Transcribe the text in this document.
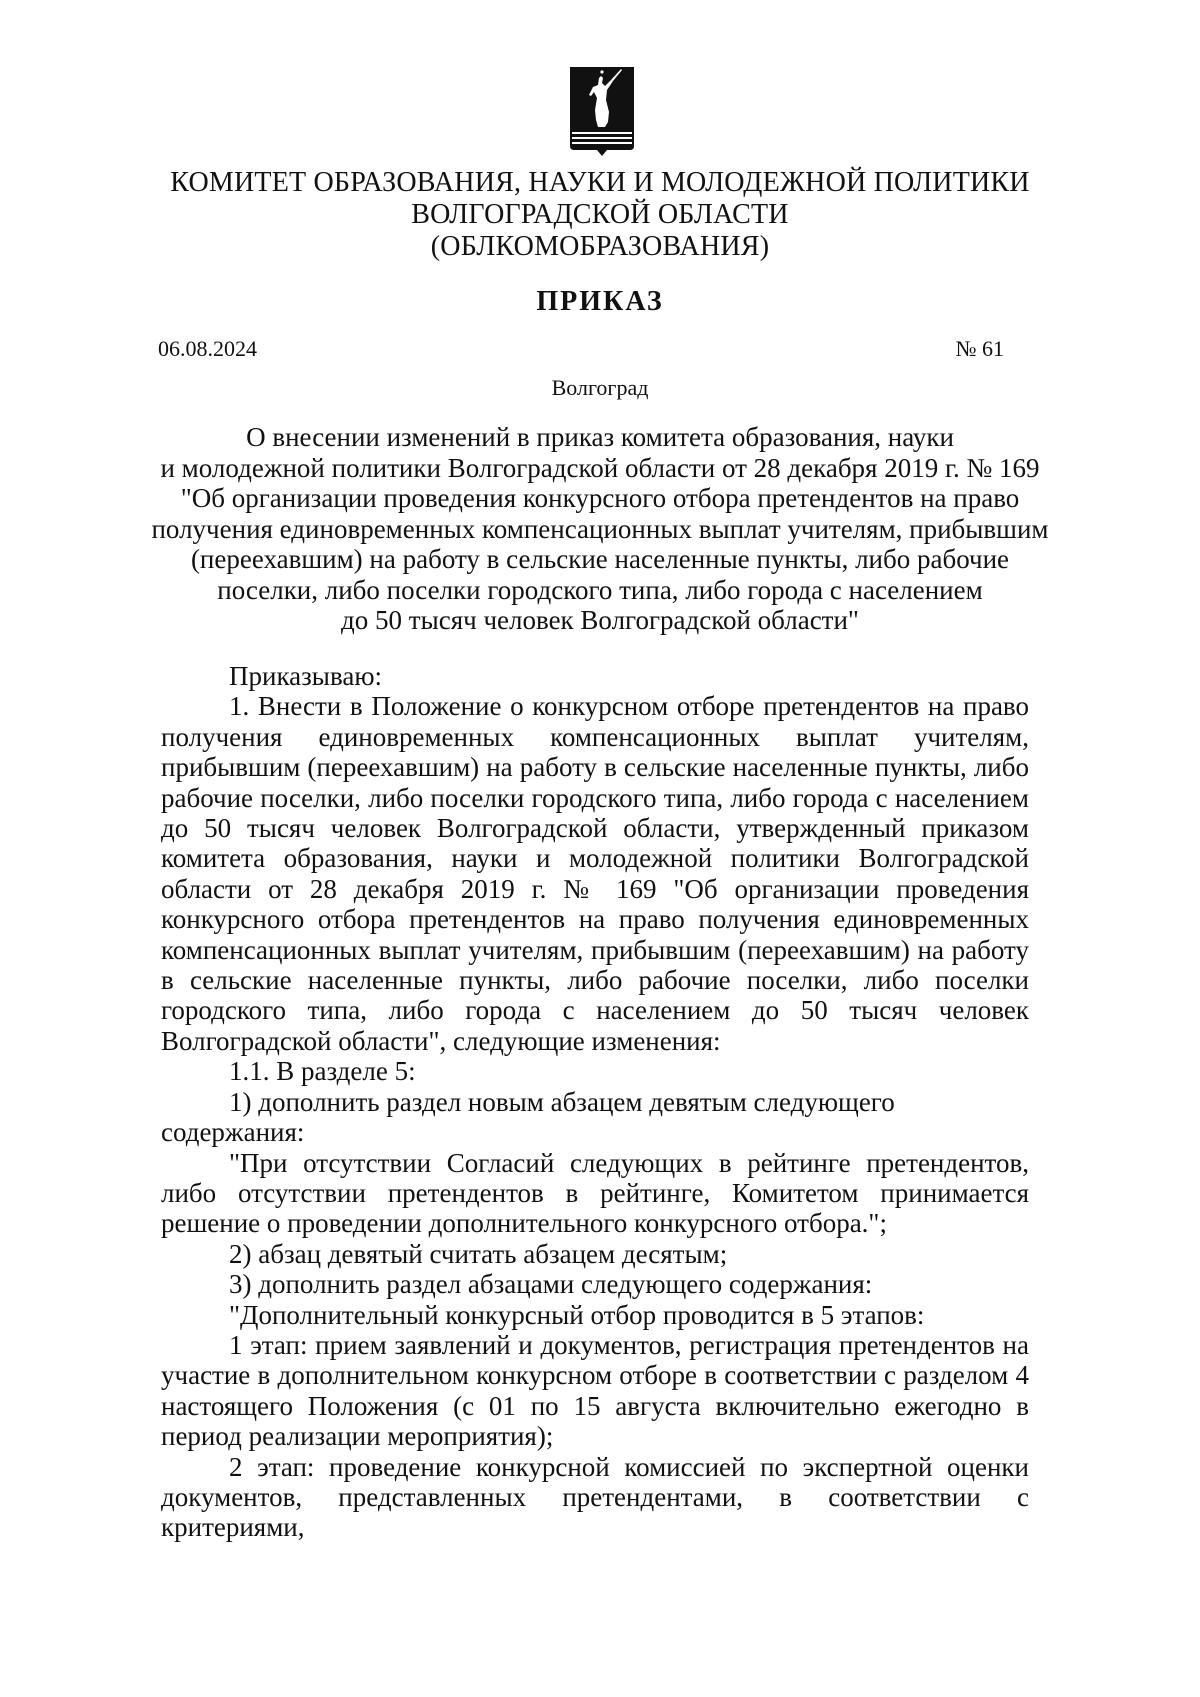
КОМИТЕТ ОБРАЗОВАНИЯ, НАУКИ И МОЛОДЕЖНОЙ ПОЛИТИКИ
ВОЛГОГРАДСКОЙ ОБЛАСТИ
(ОБЛКОМОБРАЗОВАНИЯ)
ПРИКАЗ
06.08.2024	№ 61
Волгоград
О внесении изменений в приказ комитета образования, науки
и молодежной политики Волгоградской области от 28 декабря 2019 г. № 169
"Об организации проведения конкурсного отбора претендентов на право
получения единовременных компенсационных выплат учителям, прибывшим
(переехавшим) на работу в сельские населенные пункты, либо рабочие
поселки, либо поселки городского типа, либо города с населением
до 50 тысяч человек Волгоградской области"

Приказываю:

1. Внести в Положение о конкурсном отборе претендентов на право получения единовременных компенсационных выплат учителям, прибывшим (переехавшим) на работу в сельские населенные пункты, либо рабочие поселки, либо поселки городского типа, либо города с населением до 50 тысяч человек Волгоградской области, утвержденный приказом комитета образования, науки и молодежной политики Волгоградской области от 28 декабря 2019 г. № 169 "Об организации проведения конкурсного отбора претендентов на право получения единовременных компенсационных выплат учителям, прибывшим (переехавшим) на работу в сельские населенные пункты, либо рабочие поселки, либо поселки городского типа, либо города с населением до 50 тысяч человек Волгоградской области", следующие изменения:

1.1. В разделе 5:

1) дополнить раздел новым абзацем девятым следующего содержания:

"При отсутствии Согласий следующих в рейтинге претендентов, либо отсутствии претендентов в рейтинге, Комитетом принимается решение о проведении дополнительного конкурсного отбора.";

2) абзац девятый считать абзацем десятым;

3) дополнить раздел абзацами следующего содержания:

"Дополнительный конкурсный отбор проводится в 5 этапов:

1 этап: прием заявлений и документов, регистрация претендентов на участие в дополнительном конкурсном отборе в соответствии с разделом 4 настоящего Положения (с 01 по 15 августа включительно ежегодно в период реализации мероприятия);

2 этап: проведение конкурсной комиссией по экспертной оценки документов, представленных претендентами, в соответствии с критериями,
